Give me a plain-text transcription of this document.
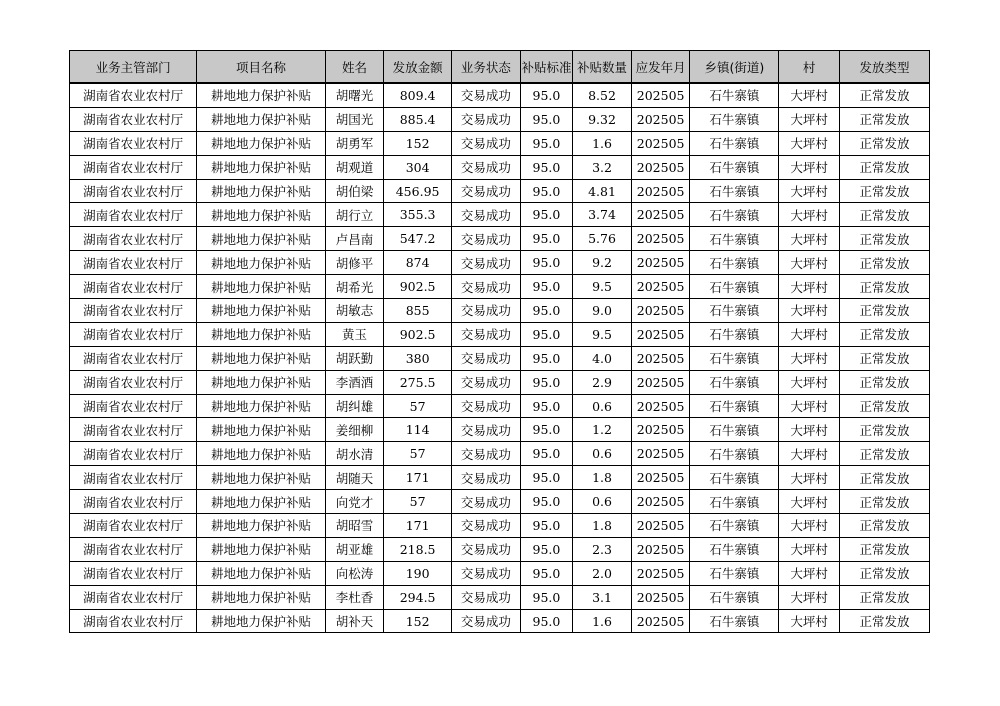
业务主管部门	项目名称	姓名	发放金额	业务状态	补贴标准	补贴数量	应发年月	乡镇(街道)	村	发放类型
湖南省农业农村厅	耕地地力保护补贴	胡曙光	809.4	交易成功	95.0	8.52	202505	石牛寨镇	大坪村	正常发放
湖南省农业农村厅	耕地地力保护补贴	胡国光	885.4	交易成功	95.0	9.32	202505	石牛寨镇	大坪村	正常发放
湖南省农业农村厅	耕地地力保护补贴	胡勇军	152	交易成功	95.0	1.6	202505	石牛寨镇	大坪村	正常发放
湖南省农业农村厅	耕地地力保护补贴	胡观道	304	交易成功	95.0	3.2	202505	石牛寨镇	大坪村	正常发放
湖南省农业农村厅	耕地地力保护补贴	胡伯梁	456.95	交易成功	95.0	4.81	202505	石牛寨镇	大坪村	正常发放
湖南省农业农村厅	耕地地力保护补贴	胡行立	355.3	交易成功	95.0	3.74	202505	石牛寨镇	大坪村	正常发放
湖南省农业农村厅	耕地地力保护补贴	卢昌南	547.2	交易成功	95.0	5.76	202505	石牛寨镇	大坪村	正常发放
湖南省农业农村厅	耕地地力保护补贴	胡修平	874	交易成功	95.0	9.2	202505	石牛寨镇	大坪村	正常发放
湖南省农业农村厅	耕地地力保护补贴	胡希光	902.5	交易成功	95.0	9.5	202505	石牛寨镇	大坪村	正常发放
湖南省农业农村厅	耕地地力保护补贴	胡敏志	855	交易成功	95.0	9.0	202505	石牛寨镇	大坪村	正常发放
湖南省农业农村厅	耕地地力保护补贴	黄玉	902.5	交易成功	95.0	9.5	202505	石牛寨镇	大坪村	正常发放
湖南省农业农村厅	耕地地力保护补贴	胡跃勤	380	交易成功	95.0	4.0	202505	石牛寨镇	大坪村	正常发放
湖南省农业农村厅	耕地地力保护补贴	李酒酒	275.5	交易成功	95.0	2.9	202505	石牛寨镇	大坪村	正常发放
湖南省农业农村厅	耕地地力保护补贴	胡纠雄	57	交易成功	95.0	0.6	202505	石牛寨镇	大坪村	正常发放
湖南省农业农村厅	耕地地力保护补贴	姜细柳	114	交易成功	95.0	1.2	202505	石牛寨镇	大坪村	正常发放
湖南省农业农村厅	耕地地力保护补贴	胡水清	57	交易成功	95.0	0.6	202505	石牛寨镇	大坪村	正常发放
湖南省农业农村厅	耕地地力保护补贴	胡随天	171	交易成功	95.0	1.8	202505	石牛寨镇	大坪村	正常发放
湖南省农业农村厅	耕地地力保护补贴	向党才	57	交易成功	95.0	0.6	202505	石牛寨镇	大坪村	正常发放
湖南省农业农村厅	耕地地力保护补贴	胡昭雪	171	交易成功	95.0	1.8	202505	石牛寨镇	大坪村	正常发放
湖南省农业农村厅	耕地地力保护补贴	胡亚雄	218.5	交易成功	95.0	2.3	202505	石牛寨镇	大坪村	正常发放
湖南省农业农村厅	耕地地力保护补贴	向松涛	190	交易成功	95.0	2.0	202505	石牛寨镇	大坪村	正常发放
湖南省农业农村厅	耕地地力保护补贴	李杜香	294.5	交易成功	95.0	3.1	202505	石牛寨镇	大坪村	正常发放
湖南省农业农村厅	耕地地力保护补贴	胡补天	152	交易成功	95.0	1.6	202505	石牛寨镇	大坪村	正常发放
